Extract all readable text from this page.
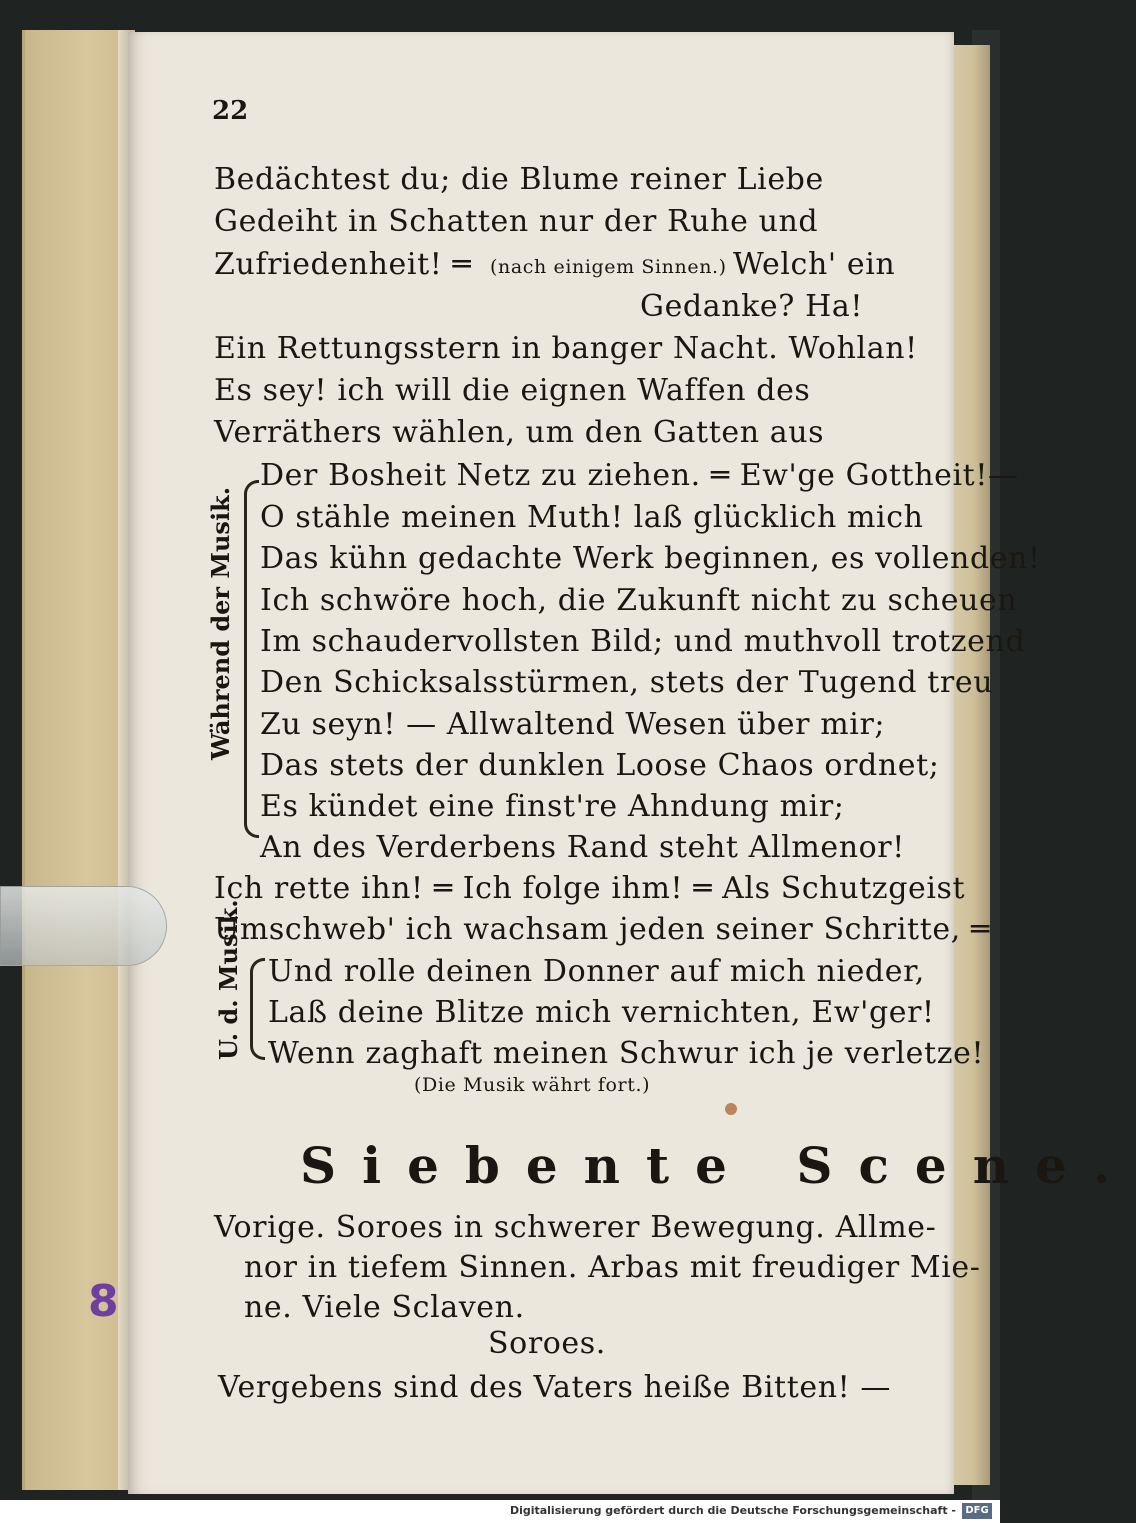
22
Bedächtest du; die Blume reiner Liebe
Gedeiht in Schatten nur der Ruhe und
Zufriedenheit! ═ (nach einigem Sinnen.) Welch' ein
Gedanke? Ha!
Ein Rettungsstern in banger Nacht. Wohlan!
Es sey! ich will die eignen Waffen des
Verräthers wählen, um den Gatten aus
Während der Musik.
Der Bosheit Netz zu ziehen. ═ Ew'ge Gottheit!—
O stähle meinen Muth! laß glücklich mich
Das kühn gedachte Werk beginnen, es vollenden!
Ich schwöre hoch, die Zukunft nicht zu scheuen
Im schaudervollsten Bild; und muthvoll trotzend
Den Schicksalsstürmen, stets der Tugend treu
Zu seyn! — Allwaltend Wesen über mir;
Das stets der dunklen Loose Chaos ordnet;
Es kündet eine finst're Ahndung mir;
An des Verderbens Rand steht Allmenor!
Ich rette ihn! ═ Ich folge ihm! ═ Als Schutzgeist
Umschweb' ich wachsam jeden seiner Schritte, ═
U. d. Musik. Und rolle deinen Donner auf mich nieder,
Laß deine Blitze mich vernichten, Ew'ger!
Wenn zaghaft meinen Schwur ich je verletze!
(Die Musik währt fort.)
Siebente Scene.
Vorige. Soroes in schwerer Bewegung. Allme-
nor in tiefem Sinnen. Arbas mit freudiger Mie-
ne. Viele Sclaven.
Soroes.
Vergebens sind des Vaters heiße Bitten! —
8
Digitalisierung gefördert durch die Deutsche Forschungsgemeinschaft - DFG
